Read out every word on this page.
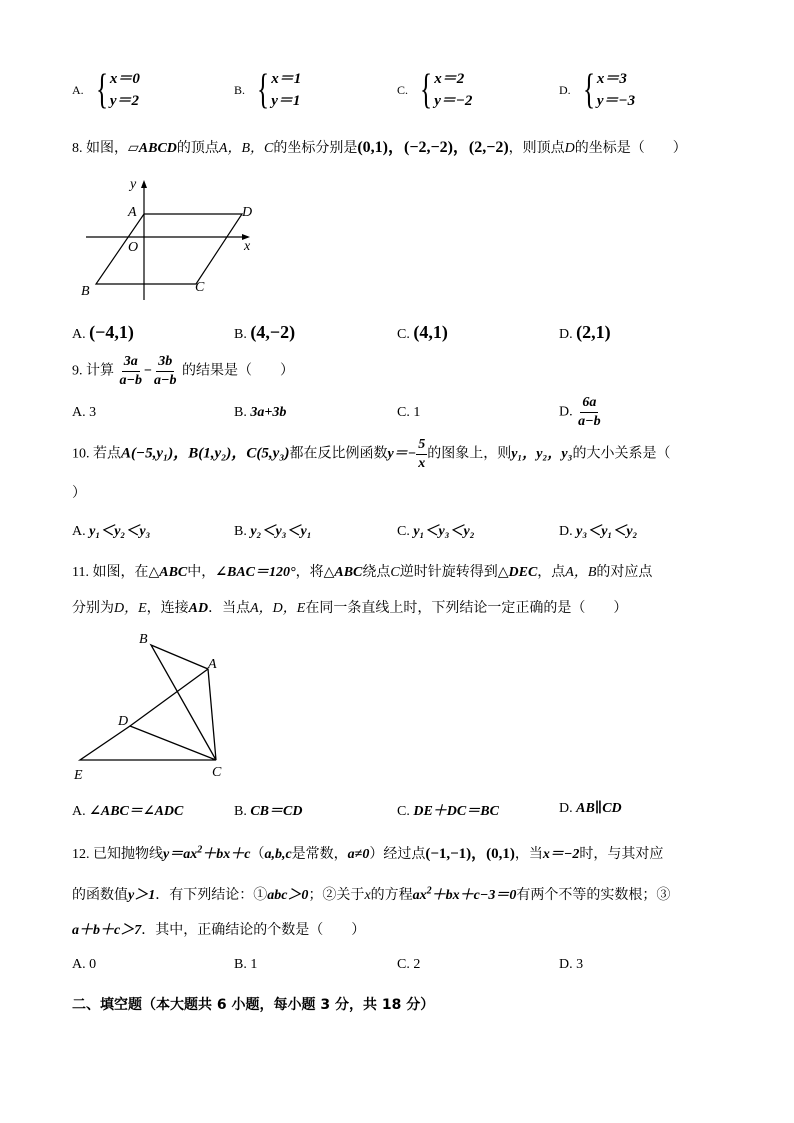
A. { x＝0
y＝2
B. { x＝1
y＝1
C. { x＝2
y＝−2
D. { x＝3
y＝−3
8. 如图，▱ABCD的顶点A，B，C的坐标分别是(0,1)，(−2,−2)，(2,−2)，则顶点D的坐标是（　　）
y
x
O
A	D
B	C
A. (−4,1)	B. (4,−2)	C. (4,1)	D. (2,1)
9. 计算 $\frac{3a}{a-b} - \frac{3b}{a-b}$ 的结果是（　　）
A. 3	B. 3a+3b	C. 1	D. $\frac{6a}{a-b}$
10. 若点A(−5,y₁)，B(1,y₂)，C(5,y₃)都在反比例函数$y=- \frac{5}{x}$ 的图象上，则y₁，y₂，y₃的大小关系是（
）
A. y₁＜y₂＜y₃	B. y₂＜y₃＜y₁	C. y₁＜y₃＜y₂	D. y₃＜y₁＜y₂
11. 如图，在△ABC中，∠BAC＝120°，将△ABC绕点C逆时针旋转得到△DEC，点A，B的对应点
分别为D，E，连接AD．当点A，D，E在同一条直线上时，下列结论一定正确的是（　　）
B
A
D
E	C
A. ∠ABC＝∠ADC	B. CB＝CD	C. DE＋DC＝BC	D. AB∥CD
12. 已知抛物线$y=ax^2+bx+c(a,b,c$是常数，a≠0）经过点(−1,−1)，(0,1)，当x＝−2时，与其对应
的函数值y＞1．有下列结论：①abc＞0；②关于x的方程$ax^2+bx+c-3=0$有两个不等的实数根；③
a＋b＋c＞7．其中，正确结论的个数是（　　）
A. 0	B. 1	C. 2	D. 3
二、填空题（本大题共 6 小题，每小题 3 分，共 18 分）
